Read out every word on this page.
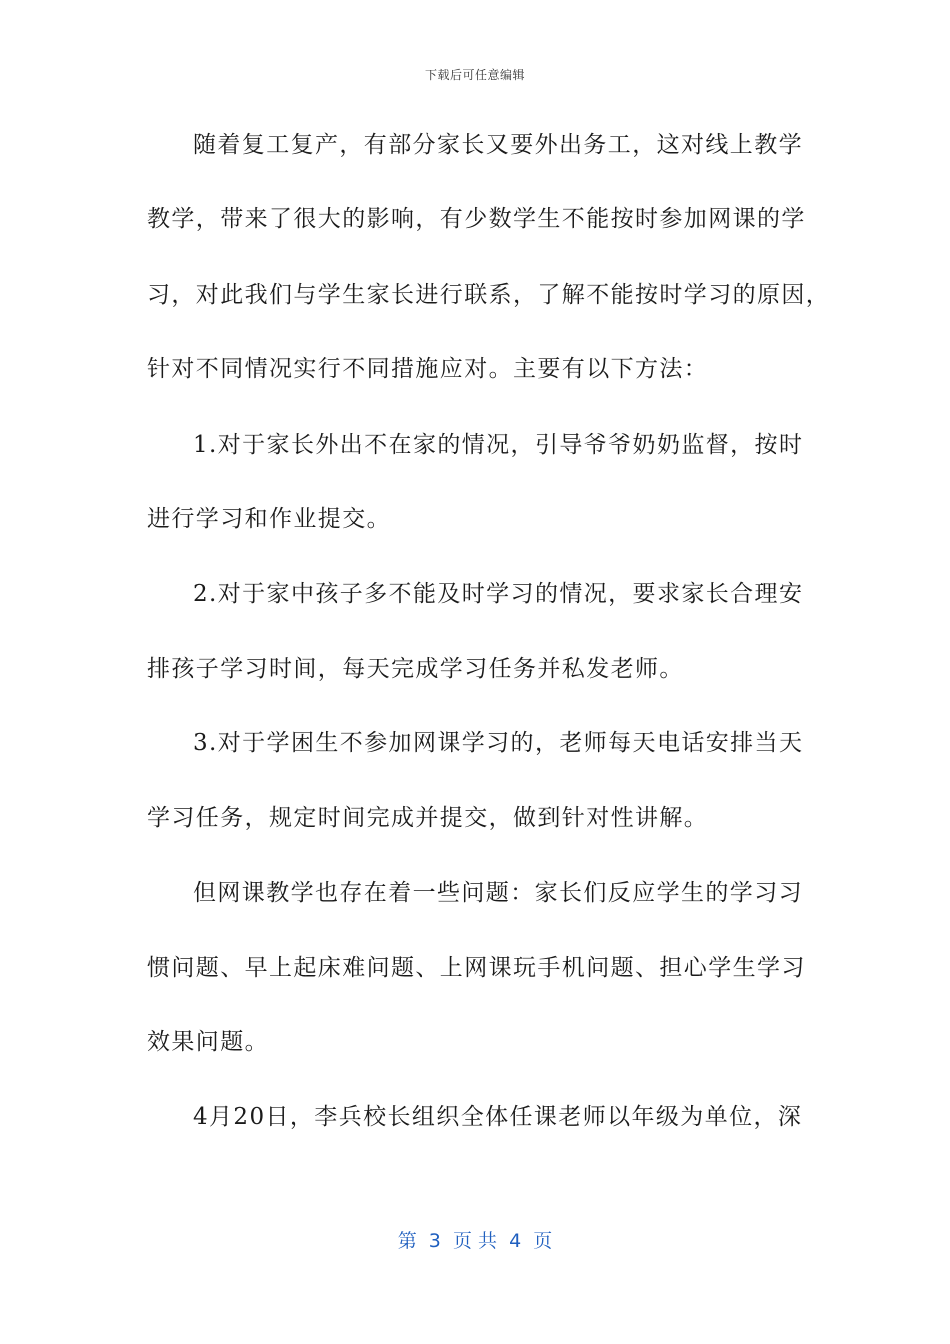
下载后可任意编辑
随着复工复产，有部分家长又要外出务工，这对线上教学
教学，带来了很大的影响，有少数学生不能按时参加网课的学
习，对此我们与学生家长进行联系，了解不能按时学习的原因，
针对不同情况实行不同措施应对。主要有以下方法：
1.对于家长外出不在家的情况，引导爷爷奶奶监督，按时
进行学习和作业提交。
2.对于家中孩子多不能及时学习的情况，要求家长合理安
排孩子学习时间，每天完成学习任务并私发老师。
3.对于学困生不参加网课学习的，老师每天电话安排当天
学习任务，规定时间完成并提交，做到针对性讲解。
但网课教学也存在着一些问题：家长们反应学生的学习习
惯问题、早上起床难问题、上网课玩手机问题、担心学生学习
效果问题。
4月20日，李兵校长组织全体任课老师以年级为单位，深
第  3  页 共  4  页
